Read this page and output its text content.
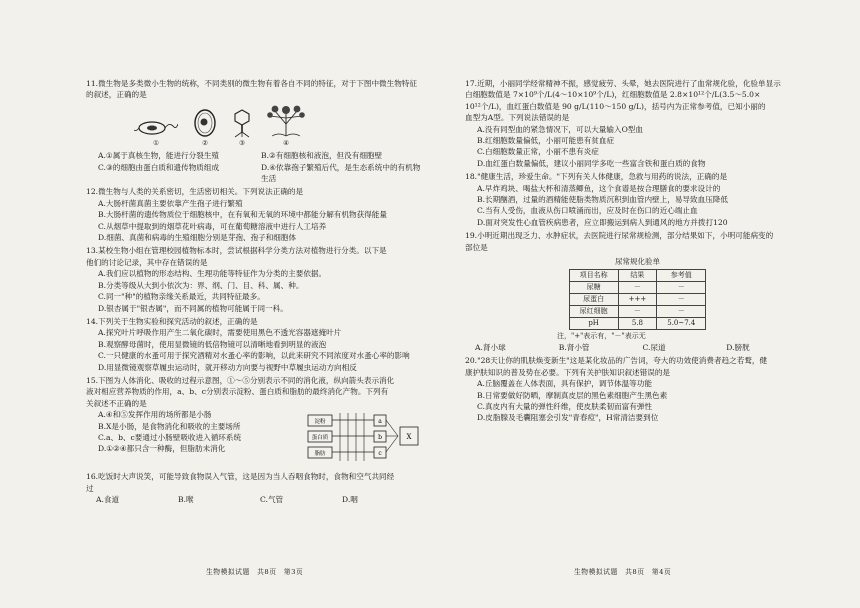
11.微生物是多类微小生物的统称，不同类别的微生物有着各自不同的特征，对于下图中微生物特征的叙述，正确的是
①	②	③	④
A.①属于真核生物，能进行分裂生殖	B.②有细胞核和液泡，但没有细胞壁
C.③的细胞由蛋白质和遗传物质组成	D.④依靠孢子繁殖后代，是生态系统中的有机物生活
12.微生物与人类的关系密切，生活密切相关。下列说法正确的是
A.大肠杆菌真菌主要依靠产生孢子进行繁殖
B.大肠杆菌的遗传物质位于细胞核中，在有氧和无氧的环境中都能分解有机物获得能量
C.从烟草中提取到的烟草花叶病毒，可在葡萄糖溶液中进行人工培养
D.细菌、真菌和病毒的生殖细胞分别是芽孢、孢子和细胞体
13.某校生物小组在管理校园植物标本时，尝试根据科学分类方法对植物进行分类。以下是
他们的讨论记录，其中存在错误的是
A.我们应以植物的形态结构、生理功能等特征作为分类的主要依据。
B.分类等级从大到小依次为：界、纲、门、目、科、属、种。
C.同一"种"的植物亲缘关系最近，共同特征最多。
D.银杏属于"银杏属"，而不同属的植物可能属于同一科。
14.下列关于生物实验和探究活动的叙述，正确的是
A.探究叶片呼吸作用产生二氧化碳时，需要使用黑色不透光容器遮掩叶片
B.观察酵母菌时，使用显微镜的低倍物镜可以清晰地看到明显的液泡
C.一只健康的水蚤可用于探究酒精对水蚤心率的影响，以此来研究不同浓度对水蚤心率的影响
D.用显微镜观察草履虫运动时，就开移动方向要与视野中草履虫运动方向相反
15.下图为人体消化、吸收的过程示意图，①～⑤分别表示不同的消化液，纵向箭头表示消化
液对相应营养物质的作用，a、b、c分别表示淀粉、蛋白质和脂肪的最终消化产物。下列有
关叙述不正确的是
A.④和⑤发挥作用的场所都是小肠
B.X是小肠，是食物消化和吸收的主要场所
C.a、b、c要通过小肠壁吸收进入循环系统
D.①②④都只含一种酶，但脂肪未消化
淀粉
蛋白质
脂肪
a
b
c
X
16.吃饭时大声说笑，可能导致食物误入气管，这是因为当人吞咽食物时，食物和空气共同经
过
A.食道	B.喉	C.气管	D.咽
生物模拟试题　共8页　第3页
17.近期，小丽同学经常精神不振，感觉疲劳、头晕，她去医院进行了血常规化验，化验单显示
白细胞数值是 7×10⁹个/L(4～10×10⁹个/L)，红细胞数值是 2.8×10¹²个/L(3.5～5.0×
10¹²个/L)，血红蛋白数值是 90 g/L(110～150 g/L)，括号内为正常参考值，已知小丽的
血型为A型。下列说法错误的是
A.没有同型血的紧急情况下，可以大量输入O型血
B.红细胞数量偏低，小丽可能患有贫血症
C.白细胞数量正常，小丽不患有炎症
D.血红蛋白数量偏低，建议小丽同学多吃一些富含铁和蛋白质的食物
18."健康生活，珍爱生命。"下列有关人体健康，急救与用药的说法，正确的是
A.早炸鸡块、喝盐大杯和清蒸鲫鱼，这个食谱是按合理膳食的要求设计的
B.长期酗酒，过量的酒精能使脂类物质沉积到血管内壁上，易导致血压降低
C.当有人受伤，血液从伤口喷涌而出，应及时在伤口的近心端止血
D.面对突发性心血管疾病患者，应立即搬运到病人到通风的地方并拨打120
19.小明近期出现乏力、水肿症状，去医院进行尿常规检测，部分结果如下，小明可能病变的
部位是
尿常规化验单
项目名称	结果	参考值
尿糖	－	－
尿蛋白	+++	－
尿红细胞	－	－
pH	5.8	5.0~7.4
注，"+"表示有，"－"表示无
A.肾小球	B.肾小管	C.尿道	D.膀胱
20."28天让你的肌肤焕变新生"这是某化妆品的广告词，夸大的功效使消费者趋之若鹜，健
康护肤知识的普及势在必要。下列有关护肤知识叙述错误的是
A.丘脑覆盖在人体表面，具有保护，调节体温等功能
B.日常要做好防晒，摩制真皮层的黑色素细胞产生黑色素
C.真皮内有大量的弹性纤维，使皮肤柔韧而富有弹性
D.皮脂腺及毛囊阻塞会引发"青春痘"，H常清洁要到位
生物模拟试题　共8页　第4页
